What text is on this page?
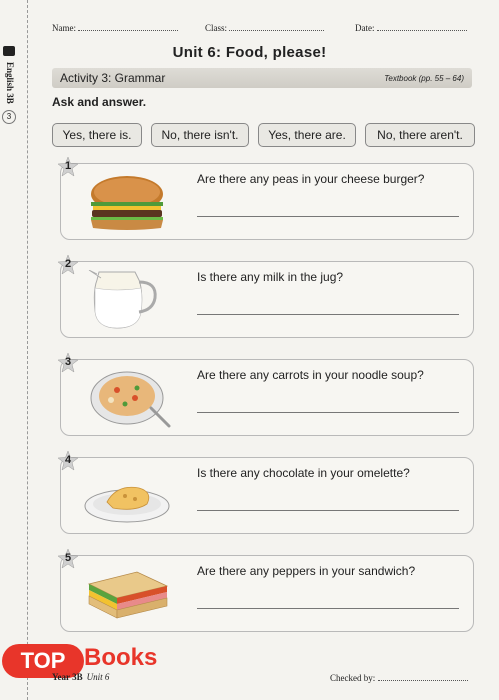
English 3B
3
Name:	Class:	Date:
Unit 6: Food, please!
Activity 3: Grammar	Textbook (pp. 55 – 64)
Ask and answer.
Yes, there is.	No, there isn't.	Yes, there are.	No, there aren't.
1
Are there any peas in your cheese burger?
2
Is there any milk in the jug?
3
Are there any carrots in your noodle soup?
4
Is there any chocolate in your omelette?
5
Are there any peppers in your sandwich?
TOP Books
Year 3B Unit 6	Checked by:
